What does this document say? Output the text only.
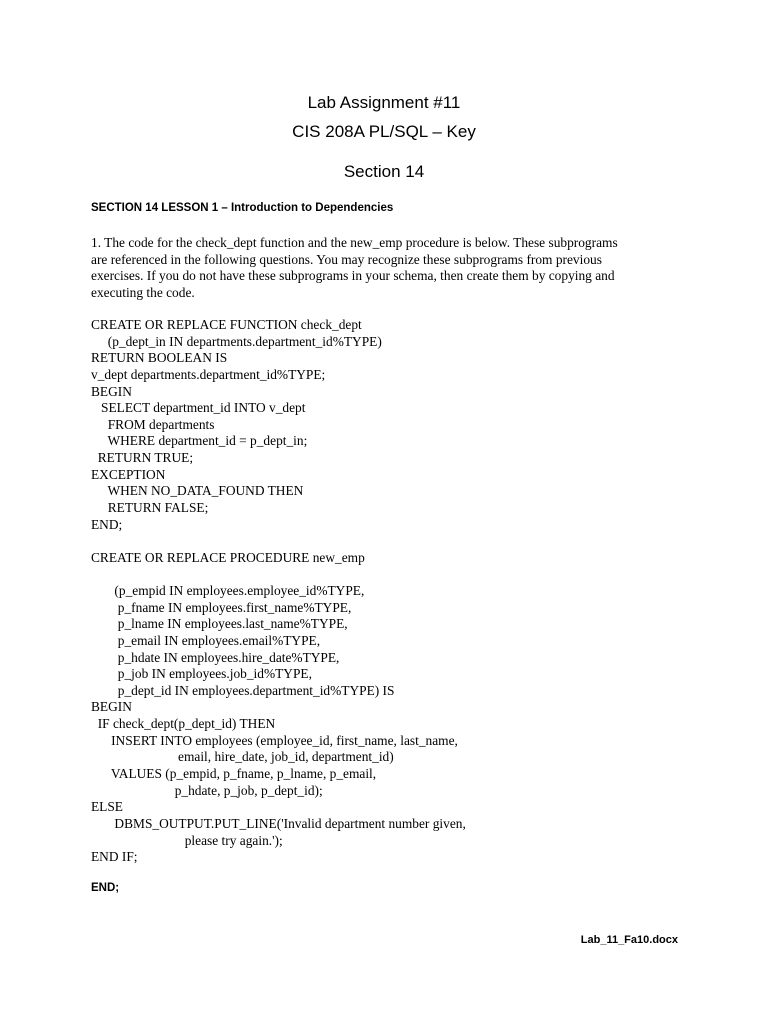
Lab Assignment #11
CIS 208A PL/SQL – Key
Section 14
SECTION 14 LESSON 1 – Introduction to Dependencies
1. The code for the check_dept function and the new_emp procedure is below. These subprograms
are referenced in the following questions. You may recognize these subprograms from previous
exercises. If you do not have these subprograms in your schema, then create them by copying and
executing the code.
CREATE OR REPLACE FUNCTION check_dept
(p_dept_in IN departments.department_id%TYPE)
RETURN BOOLEAN IS
v_dept departments.department_id%TYPE;
BEGIN
SELECT department_id INTO v_dept
FROM departments
WHERE department_id = p_dept_in;
RETURN TRUE;
EXCEPTION
WHEN NO_DATA_FOUND THEN
RETURN FALSE;
END;
CREATE OR REPLACE PROCEDURE new_emp
(p_empid IN employees.employee_id%TYPE,
p_fname IN employees.first_name%TYPE,
p_lname IN employees.last_name%TYPE,
p_email IN employees.email%TYPE,
p_hdate IN employees.hire_date%TYPE,
p_job IN employees.job_id%TYPE,
p_dept_id IN employees.department_id%TYPE) IS
BEGIN
IF check_dept(p_dept_id) THEN
INSERT INTO employees (employee_id, first_name, last_name,
email, hire_date, job_id, department_id)
VALUES (p_empid, p_fname, p_lname, p_email,
p_hdate, p_job, p_dept_id);
ELSE
DBMS_OUTPUT.PUT_LINE('Invalid department number given,
please try again.');
END IF;
END;
Lab_11_Fa10.docx
